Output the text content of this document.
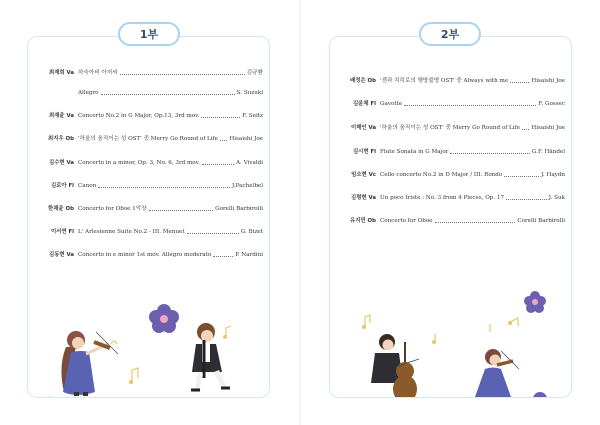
최재희 Va 하숙아비 아저씨	김규환
Allegro	S. Suzuki
최재윤 Va Concerto No.2 in G Major, Op.13, 3rd mov.	F. Seitz
최지우 Ob '하울의 움직이는 성 OST' 중 Merry Go Round of Life Hisaishi Joe
김수현 Va Concerto in a minor, Op. 3, No. 6, 3rd mov.	A. Vivaldi
김로아 Fl Canon	J.Pachelbel
한채윤 Ob Concerto for Oboe 1악장	Gorelli Barbirolli
이서연 Fl L' Arlesienne Suite No.2 - III. Menuet	G. Bizet
김동현 Va Concerto in e minor 1st mov. Allegro moderato	P. Nardini
1부
배정은 Ob '센과 치히로의 행방불명 OST' 중 Always with me	Hisaishi Joe
김윤채 Fl Gavotte	F. Gossec
이해인 Va '하울의 움직이는 성 OST' 중 Merry Go Round of Life Hisaishi Joe
김시현 Fl Flute Sonata in G Major	G.F. Händel
임소현 Vc Cello concerto No.2 in D Major / III. Rondo	J. Haydn
김형현 Va Un poco triste : No. 3 from 4 Pieces, Op. 17	J. Suk
유지민 Ob Concerto for Oboe	Corelli Barbirolli
2부
